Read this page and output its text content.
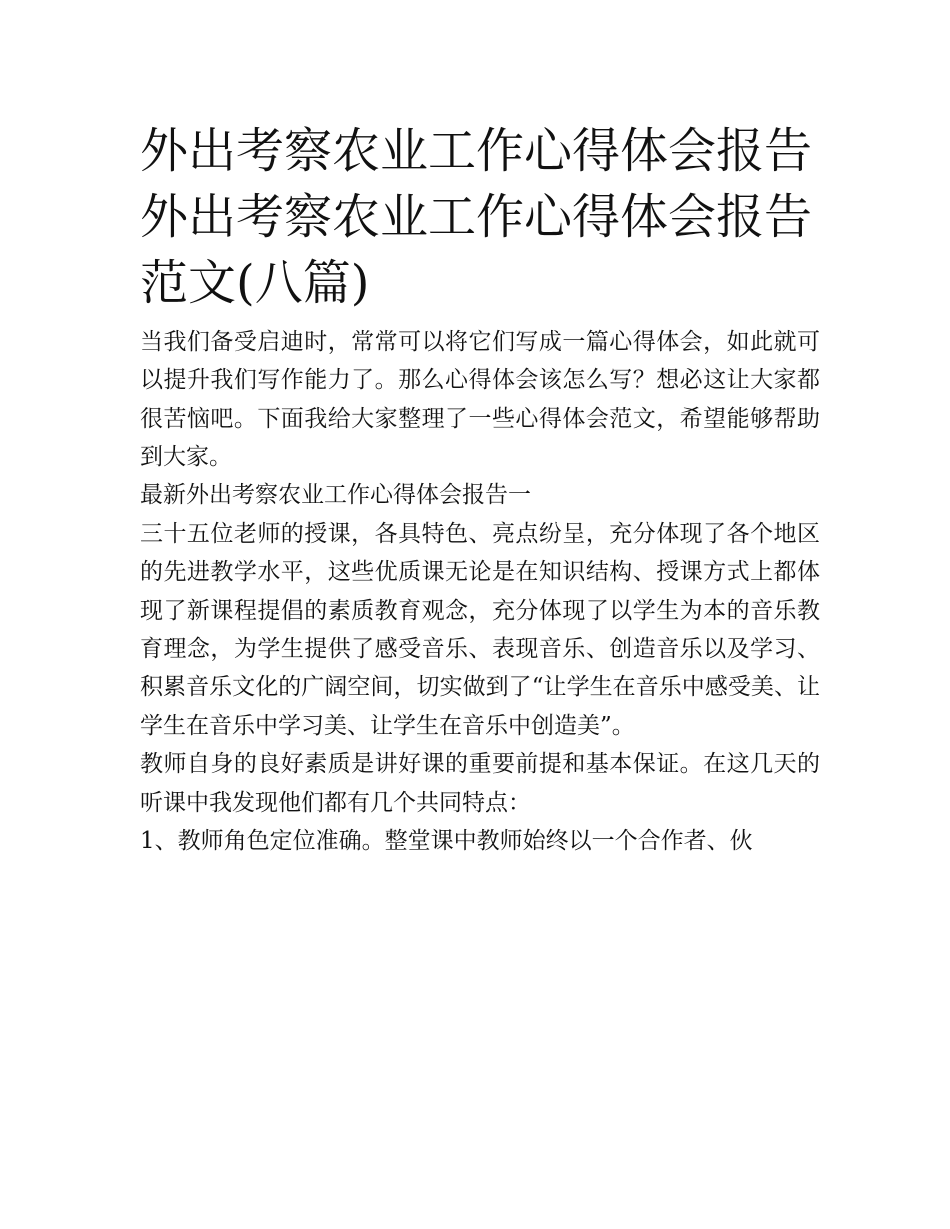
外出考察农业工作心得体会报告 外出考察农业工作心得体会报告范文(八篇)

当我们备受启迪时，常常可以将它们写成一篇心得体会，如此就可以提升我们写作能力了。那么心得体会该怎么写？想必这让大家都很苦恼吧。下面我给大家整理了一些心得体会范文，希望能够帮助到大家。

最新外出考察农业工作心得体会报告一

三十五位老师的授课，各具特色、亮点纷呈，充分体现了各个地区的先进教学水平，这些优质课无论是在知识结构、授课方式上都体现了新课程提倡的素质教育观念，充分体现了以学生为本的音乐教育理念，为学生提供了感受音乐、表现音乐、创造音乐以及学习、积累音乐文化的广阔空间，切实做到了“让学生在音乐中感受美、让学生在音乐中学习美、让学生在音乐中创造美”。

教师自身的良好素质是讲好课的重要前提和基本保证。在这几天的听课中我发现他们都有几个共同特点：

1、教师角色定位准确。整堂课中教师始终以一个合作者、伙
